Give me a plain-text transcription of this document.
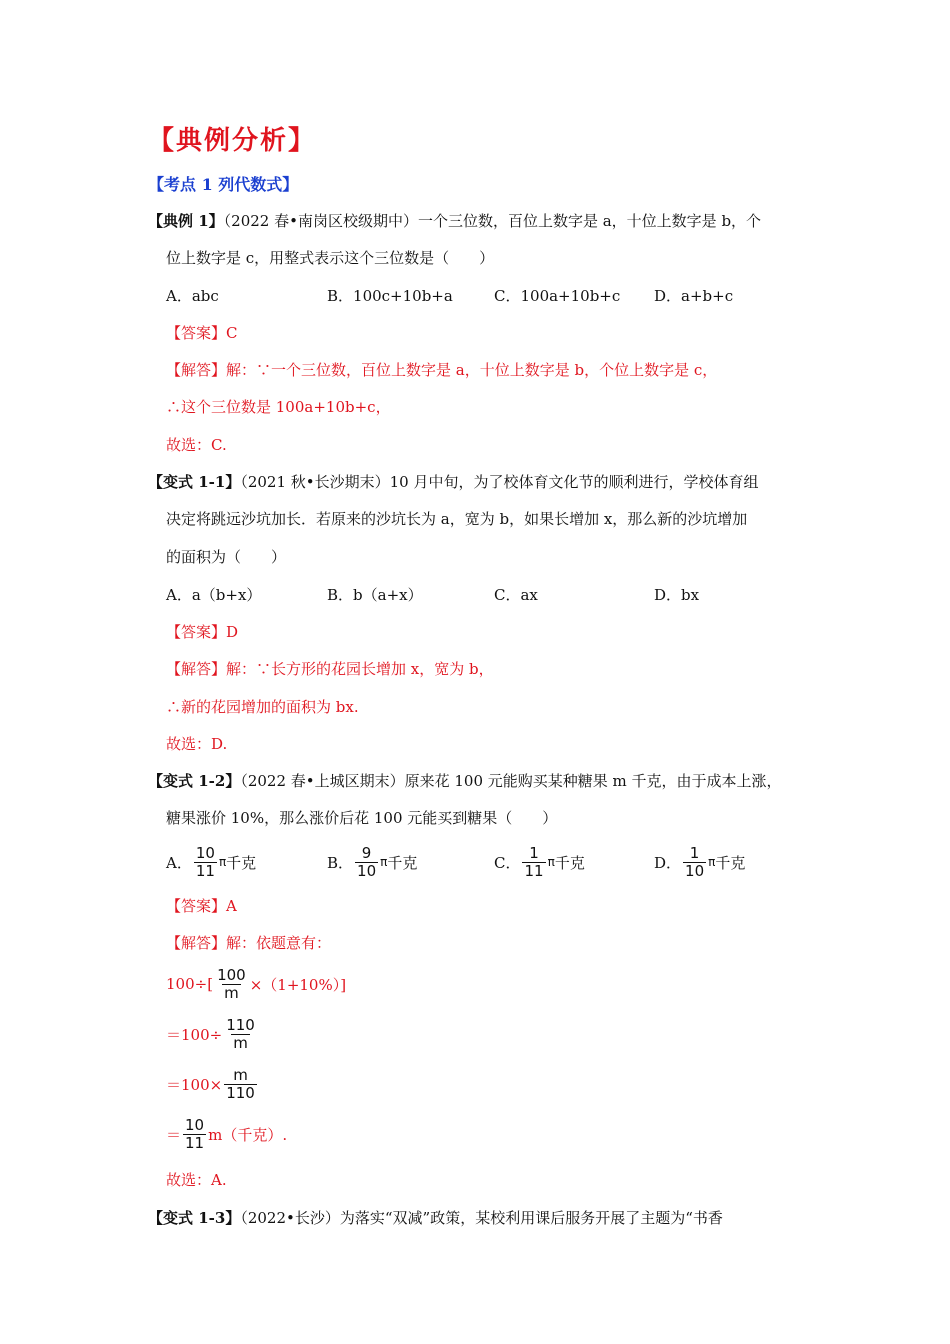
【典例分析】
【考点 1 列代数式】
【典例 1】（2022 春•南岗区校级期中）一个三位数，百位上数字是 a，十位上数字是 b，个
位上数字是 c，用整式表示这个三位数是（　　）
A．abc	B．100c+10b+a	C．100a+10b+c D．a+b+c
【答案】C
【解答】解：∵一个三位数，百位上数字是 a，十位上数字是 b，个位上数字是 c，
∴这个三位数是 100a+10b+c，
故选：C.
【变式 1-1】（2021 秋•长沙期末）10 月中旬，为了校体育文化节的顺利进行，学校体育组
决定将跳远沙坑加长．若原来的沙坑长为 a，宽为 b，如果长增加 x，那么新的沙坑增加
的面积为（　　）
A．a（b+x）	B．b（a+x）	C．ax	D．bx
【答案】D
【解答】解：∵长方形的花园长增加 x，宽为 b，
∴新的花园增加的面积为 bx.
故选：D.
【变式 1-2】（2022 春•上城区期末）原来花 100 元能购买某种糖果 m 千克，由于成本上涨，
糖果涨价 10%，那么涨价后花 100 元能买到糖果（　　）
A． $\frac{10}{11}$ π 千克	B． $\frac{9}{10}$ π 千克	C． $\frac{1}{11}$ π 千克	D． $\frac{1}{10}$ π 千克
【答案】A
【解答】解：依题意有：
$100\div[ \frac{100}{m} \times(1+10\%)]$
$=100\div \frac{110}{m}$
$=100\times \frac{m}{110}$
＝ $\frac{10}{11} m$（千克）.
故选：A.
【变式 1-3】（2022•长沙）为落实“双减”政策，某校利用课后服务开展了主题为“书香
